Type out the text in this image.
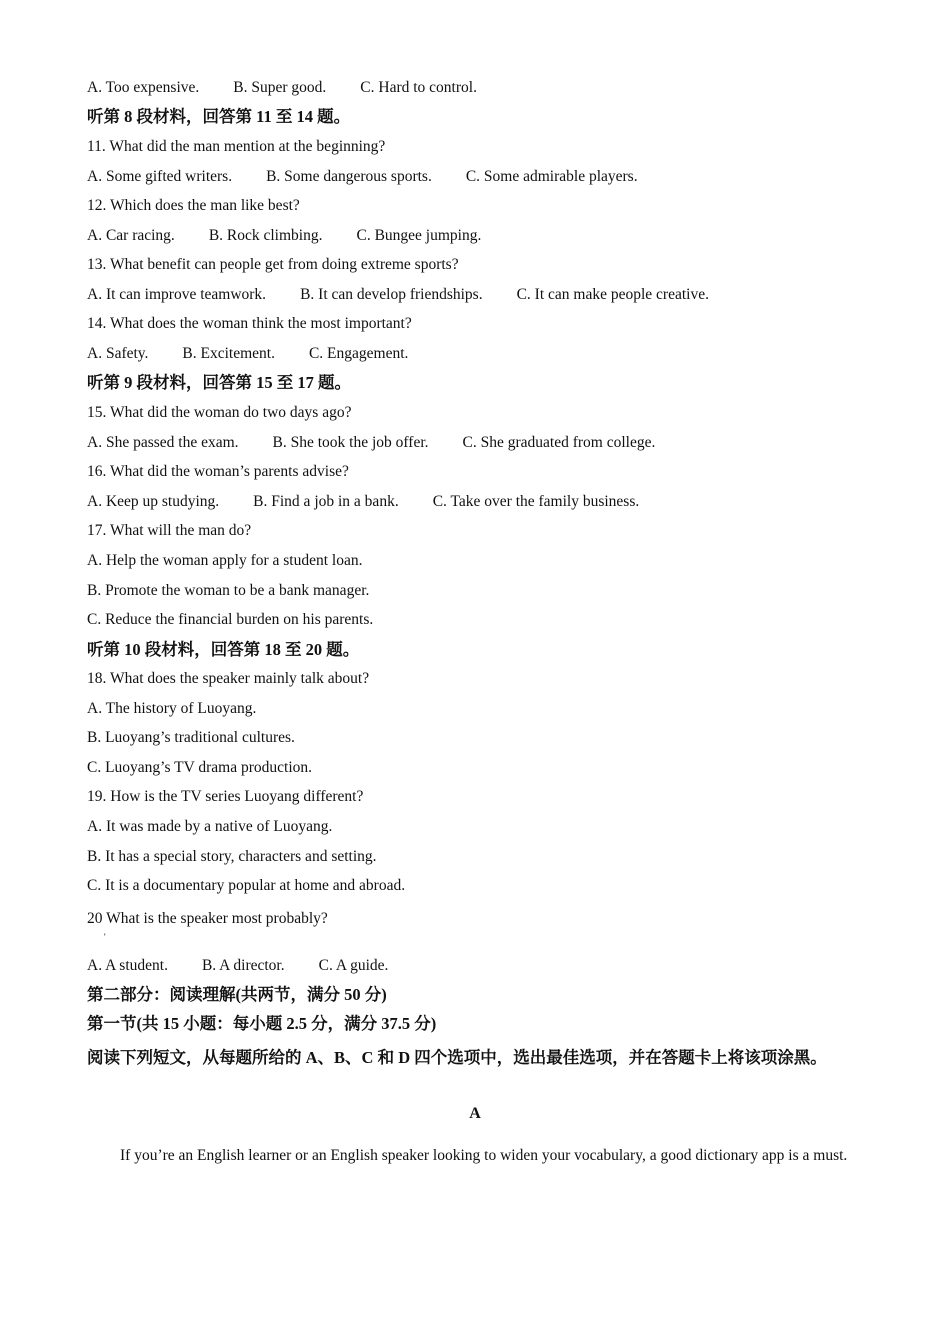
A. Too expensive. B. Super good. C. Hard to control.
听第 8 段材料，回答第 11 至 14 题。
11. What did the man mention at the beginning?
A. Some gifted writers. B. Some dangerous sports. C. Some admirable players.
12. Which does the man like best?
A. Car racing. B. Rock climbing. C. Bungee jumping.
13. What benefit can people get from doing extreme sports?
A. It can improve teamwork. B. It can develop friendships. C. It can make people creative.
14. What does the woman think the most important?
A. Safety. B. Excitement. C. Engagement.
听第 9 段材料，回答第 15 至 17 题。
15. What did the woman do two days ago?
A. She passed the exam. B. She took the job offer. C. She graduated from college.
16. What did the woman’s parents advise?
A. Keep up studying. B. Find a job in a bank. C. Take over the family business.
17. What will the man do?
A. Help the woman apply for a student loan.
B. Promote the woman to be a bank manager.
C. Reduce the financial burden on his parents.
听第 10 段材料，回答第 18 至 20 题。
18. What does the speaker mainly talk about?
A. The history of Luoyang.
B. Luoyang’s traditional cultures.
C. Luoyang’s TV drama production.
19. How is the TV series Luoyang different?
A. It was made by a native of Luoyang.
B. It has a special story, characters and setting.
C. It is a documentary popular at home and abroad.
20 What is the speaker most probably?
'
A. A student. B. A director. C. A guide.
第二部分：阅读理解(共两节，满分 50 分)
第一节(共 15 小题：每小题 2.5 分，满分 37.5 分)
阅读下列短文，从每题所给的 A、B、C 和 D 四个选项中，选出最佳选项，并在答题卡上将该项涂黑。
A
If you’re an English learner or an English speaker looking to widen your vocabulary, a good dictionary app is a must.
